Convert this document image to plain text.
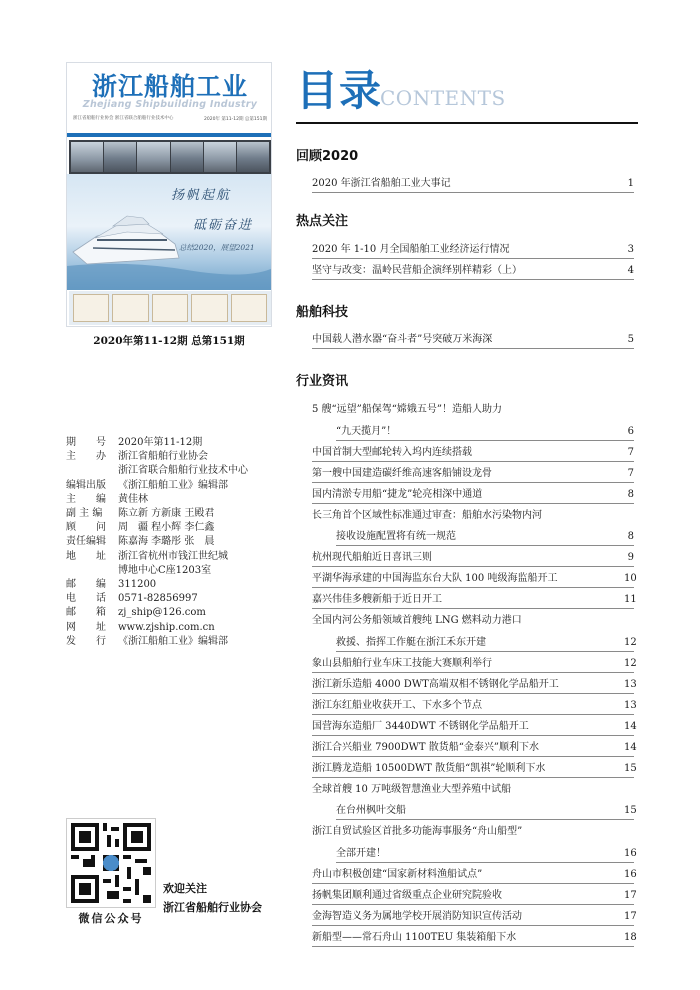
浙江船舶工业
Zhejiang Shipbuilding Industry
浙江省船舶行业协会 浙江省联合船舶行业技术中心	2020年 第11-12期 总第151期
扬帆起航
砥砺奋进
总结2020，展望2021
2020年第11-12期 总第151期
期　　号	2020年第11-12期
主　　办	浙江省船舶行业协会
浙江省联合船舶行业技术中心
编辑出版	《浙江船舶工业》编辑部
主　　编	黄佳林
副 主 编	陈立新 方新康 王殿君
顾　　问	周　疆 程小辉 李仁鑫
责任编辑	陈嘉海 李璐彤 张　晨
地　　址	浙江省杭州市钱江世纪城
博地中心C座1203室
邮　　编	311200
电　　话	0571-82856997
邮　　箱	zj_ship@126.com
网　　址	www.zjship.com.cn
发　　行	《浙江船舶工业》编辑部
微信公众号
欢迎关注
浙江省船舶行业协会
目录
CONTENTS
回顾2020
2020 年浙江省船舶工业大事记	1
热点关注
2020 年 1-10 月全国船舶工业经济运行情况	3
坚守与改变：温岭民营船企演绎别样精彩（上）	4
船舶科技
中国载人潜水器“奋斗者”号突破万米海深	5
行业资讯
5 艘“远望”船保驾“嫦娥五号”！造船人助力
“九天揽月”！	6
中国首制大型邮轮转入坞内连续搭载	7
第一艘中国建造碳纤维高速客船铺设龙骨	7
国内清淤专用船“捷龙”轮亮相深中通道	8
长三角首个区域性标准通过审查：船舶水污染物内河
接收设施配置将有统一规范	8
杭州现代船舶近日喜讯三则	9
平湖华海承建的中国海监东台大队 100 吨级海监船开工	10
嘉兴伟佳多艘新船于近日开工	11
全国内河公务船领域首艘纯 LNG 燃料动力港口
救援、指挥工作艇在浙江禾东开建	12
象山县船舶行业车床工技能大赛顺利举行	12
浙江新乐造船 4000 DWT高端双相不锈钢化学品船开工	13
浙江东红船业收获开工、下水多个节点	13
国营海东造船厂 3440DWT 不锈钢化学品船开工	14
浙江合兴船业 7900DWT 散货船“金泰兴”顺利下水	14
浙江腾龙造船 10500DWT 散货船“凯祺”轮顺利下水	15
全球首艘 10 万吨级智慧渔业大型养殖中试船
在台州枫叶交船	15
浙江自贸试验区首批多功能海事服务“舟山船型”
全部开建！	16
舟山市积极创建“国家新材料渔船试点”	16
扬帆集团顺利通过省级重点企业研究院验收	17
金海智造义务为属地学校开展消防知识宣传活动	17
新船型——常石舟山 1100TEU 集装箱船下水	18
